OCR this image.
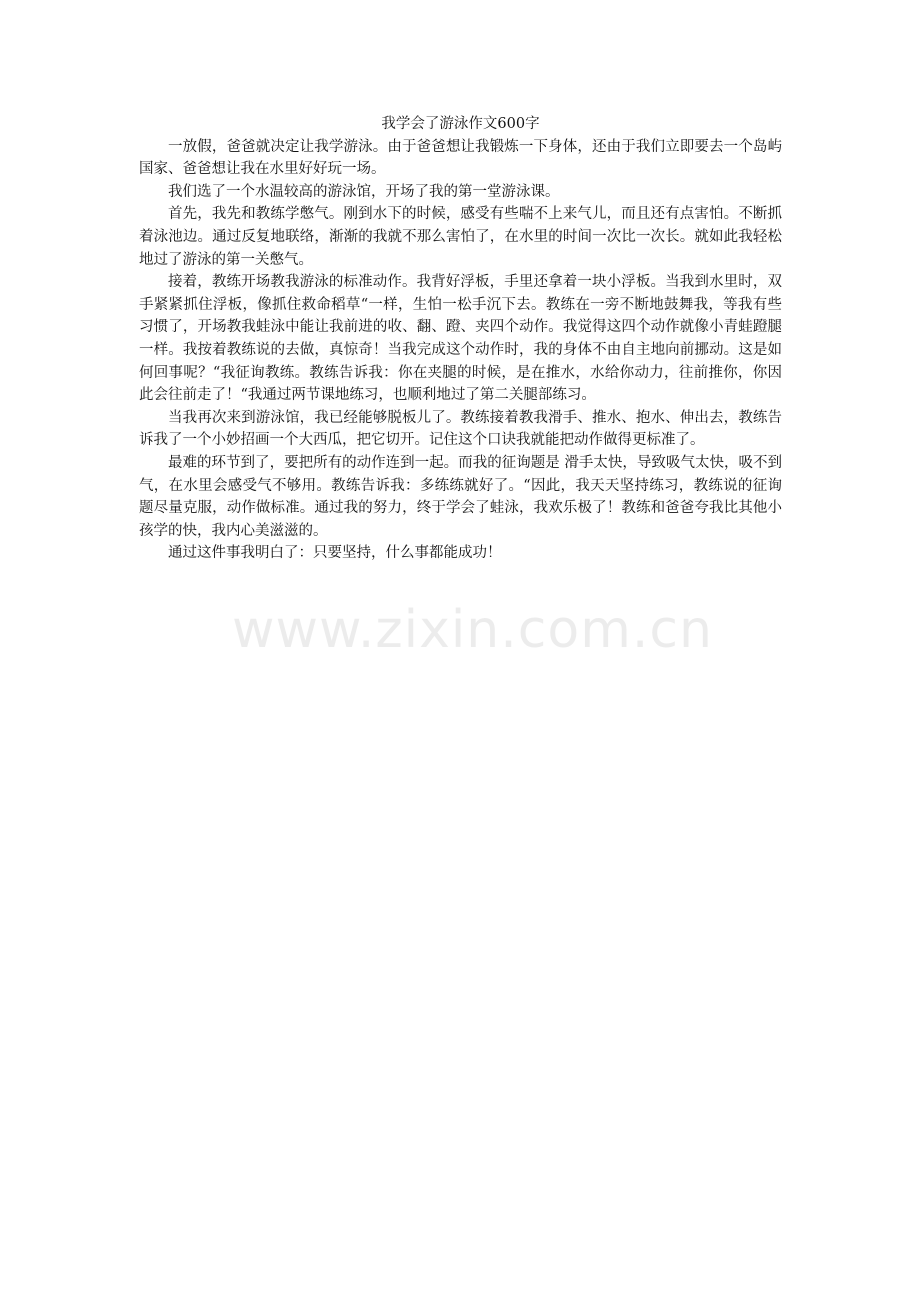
我学会了游泳作文600字

一放假，爸爸就决定让我学游泳。由于爸爸想让我锻炼一下身体，还由于我们立即要去一个岛屿国家、爸爸想让我在水里好好玩一场。

我们选了一个水温较高的游泳馆，开场了我的第一堂游泳课。

首先，我先和教练学憋气。刚到水下的时候，感受有些喘不上来气儿，而且还有点害怕。不断抓着泳池边。通过反复地联络，渐渐的我就不那么害怕了，在水里的时间一次比一次长。就如此我轻松地过了游泳的第一关憋气。

接着，教练开场教我游泳的标准动作。我背好浮板，手里还拿着一块小浮板。当我到水里时，双手紧紧抓住浮板，像抓住救命稻草“一样，生怕一松手沉下去。教练在一旁不断地鼓舞我，等我有些习惯了，开场教我蛙泳中能让我前进的收、翻、蹬、夹四个动作。我觉得这四个动作就像小青蛙蹬腿一样。我按着教练说的去做，真惊奇！当我完成这个动作时，我的身体不由自主地向前挪动。这是如何回事呢？“我征询教练。教练告诉我：你在夹腿的时候，是在推水，水给你动力，往前推你，你因此会往前走了！“我通过两节课地练习，也顺利地过了第二关腿部练习。

当我再次来到游泳馆，我已经能够脱板儿了。教练接着教我滑手、推水、抱水、伸出去，教练告诉我了一个小妙招画一个大西瓜，把它切开。记住这个口诀我就能把动作做得更标准了。

最难的环节到了，要把所有的动作连到一起。而我的征询题是 滑手太快，导致吸气太快，吸不到气，在水里会感受气不够用。教练告诉我：多练练就好了。“因此，我天天坚持练习，教练说的征询题尽量克服，动作做标准。通过我的努力，终于学会了蛙泳，我欢乐极了！教练和爸爸夸我比其他小孩学的快，我内心美滋滋的。

通过这件事我明白了：只要坚持，什么事都能成功！

www.zixin.com.cn
